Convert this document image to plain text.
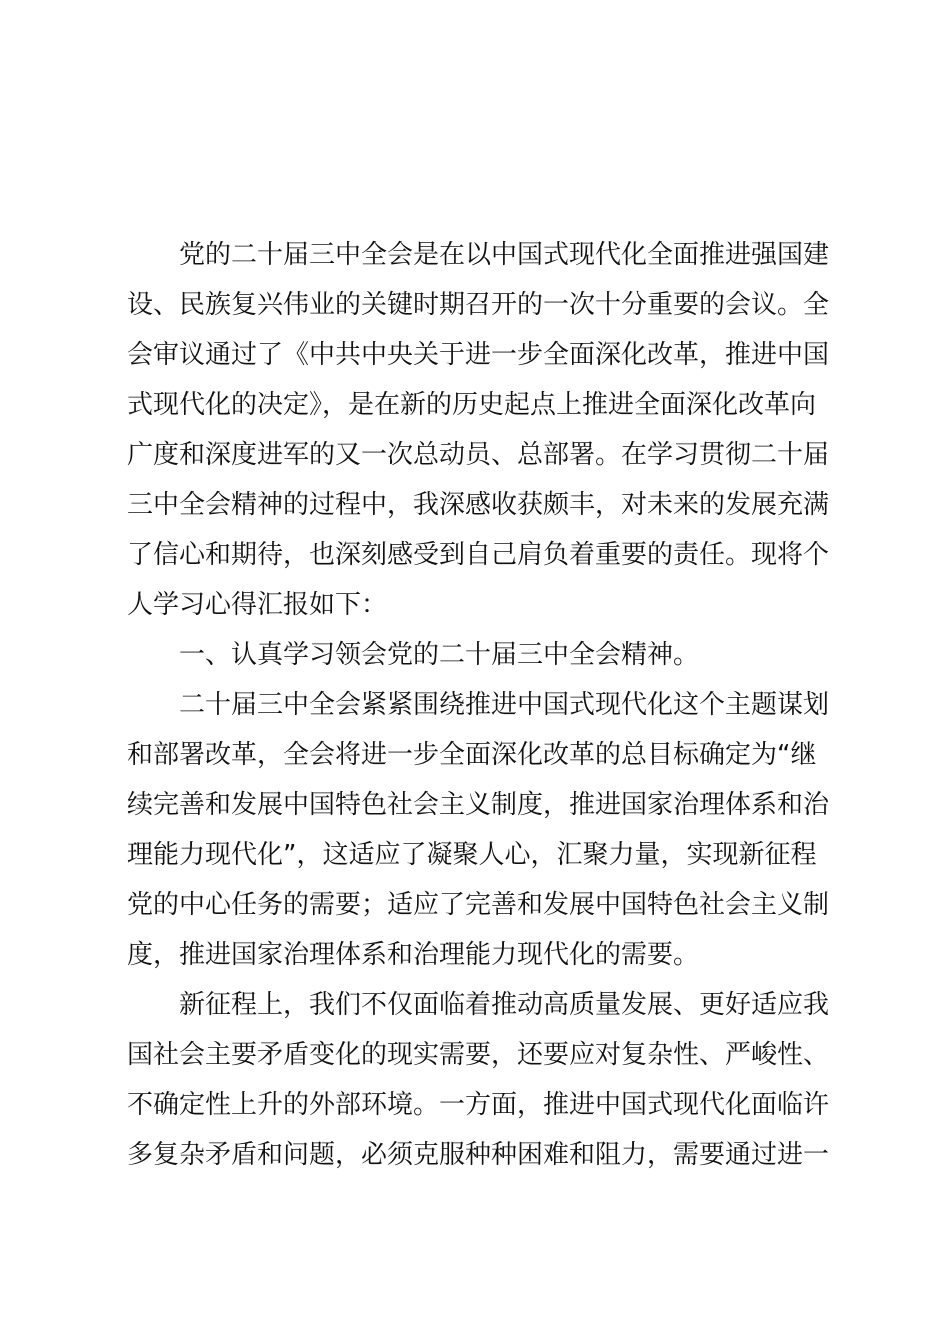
党的二十届三中全会是在以中国式现代化全面推进强国建
设、民族复兴伟业的关键时期召开的一次十分重要的会议。全
会审议通过了《中共中央关于进一步全面深化改革，推进中国
式现代化的决定》，是在新的历史起点上推进全面深化改革向
广度和深度进军的又一次总动员、总部署。在学习贯彻二十届
三中全会精神的过程中，我深感收获颇丰，对未来的发展充满
了信心和期待，也深刻感受到自己肩负着重要的责任。现将个
人学习心得汇报如下：
一、认真学习领会党的二十届三中全会精神。
二十届三中全会紧紧围绕推进中国式现代化这个主题谋划
和部署改革，全会将进一步全面深化改革的总目标确定为“继
续完善和发展中国特色社会主义制度，推进国家治理体系和治
理能力现代化”，这适应了凝聚人心，汇聚力量，实现新征程
党的中心任务的需要；适应了完善和发展中国特色社会主义制
度，推进国家治理体系和治理能力现代化的需要。
新征程上，我们不仅面临着推动高质量发展、更好适应我
国社会主要矛盾变化的现实需要，还要应对复杂性、严峻性、
不确定性上升的外部环境。一方面，推进中国式现代化面临许
多复杂矛盾和问题，必须克服种种困难和阻力，需要通过进一
